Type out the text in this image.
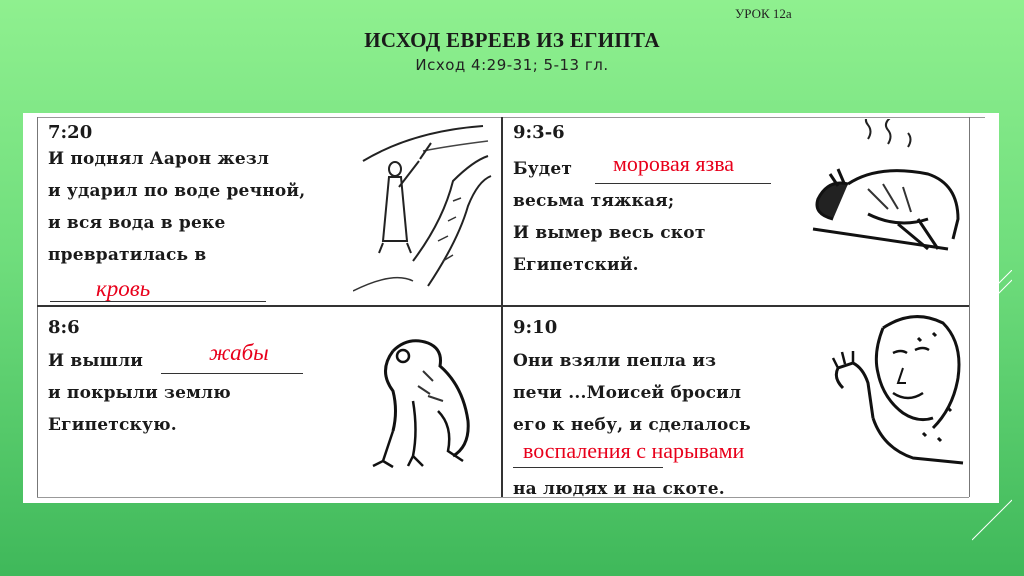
УРОК 12а
ИСХОД ЕВРЕЕВ ИЗ ЕГИПТА
Исход 4:29-31; 5-13 гл.
7:20
И поднял Аарон жезл
и ударил по воде речной,
и вся вода в реке
превратилась в
кровь
9:3-6
Будет моровая язва
весьма тяжкая;
И вымер весь скот
Египетский.
8:6
И вышли	жабы
и покрыли землю
Египетскую.
9:10
Они взяли пепла из
печи ...Моисей бросил
его к небу, и сделалось
воспаления с нарывами
на людях и на скоте.
